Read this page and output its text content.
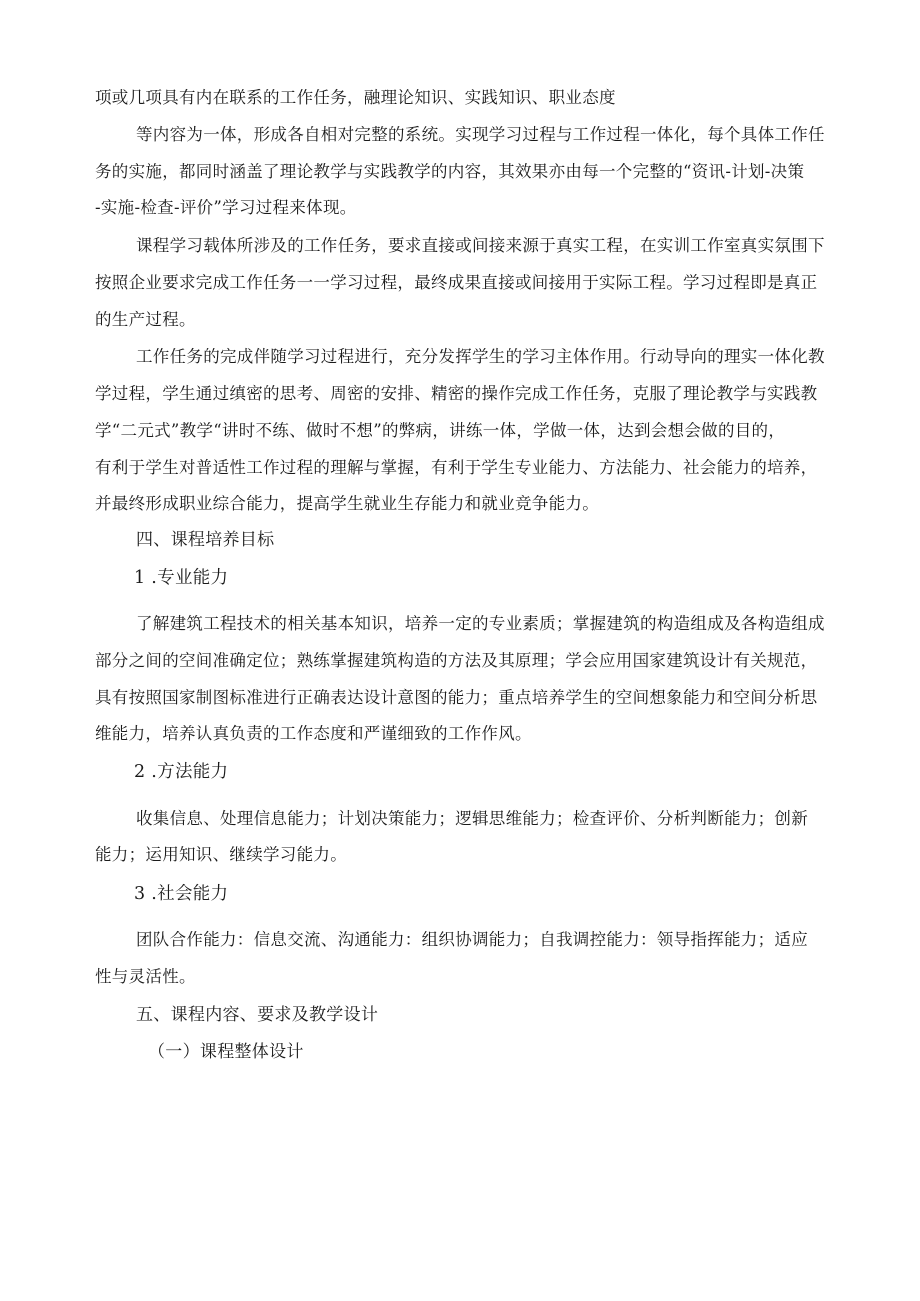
项或几项具有内在联系的工作任务，融理论知识、实践知识、职业态度
等内容为一体，形成各自相对完整的系统。实现学习过程与工作过程一体化，每个具体工作任
务的实施，都同时涵盖了理论教学与实践教学的内容，其效果亦由每一个完整的“资讯-计划-决策
-实施-检查-评价”学习过程来体现。
课程学习载体所涉及的工作任务，要求直接或间接来源于真实工程，在实训工作室真实氛围下
按照企业要求完成工作任务一一学习过程，最终成果直接或间接用于实际工程。学习过程即是真正
的生产过程。
工作任务的完成伴随学习过程进行，充分发挥学生的学习主体作用。行动导向的理实一体化教
学过程，学生通过缜密的思考、周密的安排、精密的操作完成工作任务，克服了理论教学与实践教
学“二元式”教学“讲时不练、做时不想”的弊病，讲练一体，学做一体，达到会想会做的目的，
有利于学生对普适性工作过程的理解与掌握，有利于学生专业能力、方法能力、社会能力的培养，
并最终形成职业综合能力，提高学生就业生存能力和就业竞争能力。
四、课程培养目标
1 .专业能力
了解建筑工程技术的相关基本知识，培养一定的专业素质；掌握建筑的构造组成及各构造组成
部分之间的空间准确定位；熟练掌握建筑构造的方法及其原理；学会应用国家建筑设计有关规范，
具有按照国家制图标准进行正确表达设计意图的能力；重点培养学生的空间想象能力和空间分析思
维能力，培养认真负责的工作态度和严谨细致的工作作风。
2 .方法能力
收集信息、处理信息能力；计划决策能力；逻辑思维能力；检查评价、分析判断能力；创新
能力；运用知识、继续学习能力。
3 .社会能力
团队合作能力：信息交流、沟通能力：组织协调能力；自我调控能力：领导指挥能力；适应
性与灵活性。
五、课程内容、要求及教学设计
（一）课程整体设计
